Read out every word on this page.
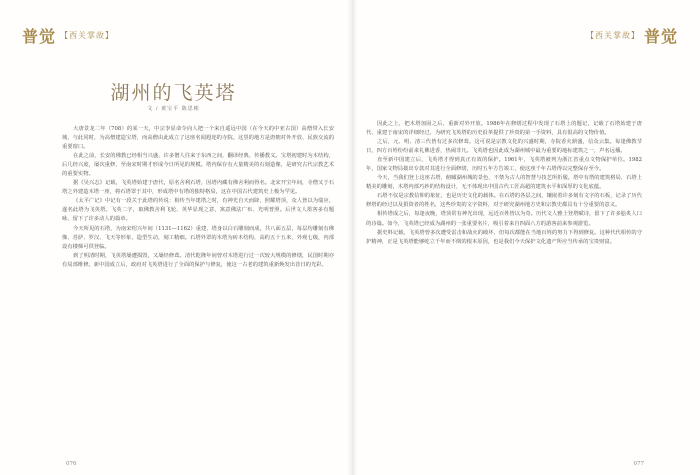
普觉 【西关掌故】	【西关掌故】 普觉
湖州的飞英塔
文 / 黄宝平 陈思彬

大唐景龙二年（708）的某一天，中宗李显命令向人把一个来自遥远中国（在今天的中亚古国）高僧带入长安城，与此同时，为高僧建造宝塔，而高僧由此成立了这座名闻遐迩的寺院。这里的地方是唐朝对外开放、民族交流的重要窗口。

在此之前，长安的佛教已经相当兴盛，许多僧人往来于东西之间，翻译经典、传播教义。宝塔初建时为木结构，后几经兴废，屡次重修，至南宋时期才形成今日所见的规模。塔内保存有大量精美的石刻造像，是研究古代宗教艺术的重要实物。

据《吴兴志》记载，飞英塔始建于唐代，原名舍利石塔，因塔内藏有佛舍利而得名。北宋开宝年间，寺僧又于石塔之外建造木塔一座，将石塔罩于其中，形成塔中有塔的独特格局，这在中国古代建筑史上极为罕见。

《太平广记》中记有一段关于此塔的传说：相传当年建塔之时，有神光自天而降，照耀塔顶，众人皆以为瑞应，遂名此塔为飞英塔。飞英二字，取佛教舍利飞轮、英华显现之意，寓意佛法广布、光明普照。后世文人墨客多有题咏，留下了许多动人的篇章。

今天所见的石塔，为南宋绍兴年间（1131—1162）重建，塔身以白石雕刻而成，共八面五层，每层均雕刻有佛像、菩萨、罗汉、飞天等形象，造型生动，刻工精细。石塔外罩的木塔为砖木结构，高约五十五米，外观七级，内部设有楼梯可供登临。

到了明清时期，飞英塔屡遭损毁，又屡经修葺。清代乾隆年间曾对木塔进行过一次较大规模的修缮，民国时期亦有局部维修。新中国成立后，政府对飞英塔进行了全面的保护与修复，使这一古老的建筑重新焕发出昔日的光彩。

因此之上，把木塔加固之后，重新对外开放。1986年在修缮过程中发现了石塔上的题记，记载了石塔始建于唐代、重建于南宋的详细经过，为研究飞英塔的历史沿革提供了珍贵的第一手资料，具有很高的文物价值。

之后，元、明、清三代皆有过多次修葺。这可说是宗教文化的兴盛时期，寺院香火鼎盛，信众云集。每逢佛教节日，四方百姓纷纷前来礼佛进香，热闹非凡。飞英塔也因此成为湖州城中最为重要的地标建筑之一，声名远播。

直至新中国建立后，飞英塔才得到真正有效的保护。1961年，飞英塔被列为浙江省重点文物保护单位。1982年，国家文物局拨出专款对其进行全面修缮，历时五年方告竣工，使这座千年古塔得以完整保存至今。

今天，当我们登上这座古塔，俯瞰湖州城的景色，不禁为古人的智慧与技艺所折服。塔中有塔的建筑格局，石塔上精美的雕刻，木塔内部巧妙的结构设计，无不体现出中国古代工匠高超的建筑水平和深厚的文化底蕴。

石塔不仅是宗教信仰的象征，也是历史文化的载体。在石塔的各层之间，镶嵌着许多刻有文字的石板，记录了历代修塔的经过以及捐资者的姓名，这些珍贵的文字资料，对于研究湖州地方史和宗教史都具有十分重要的意义。

相传塔成之后，每逢夜晚，塔顶常有神光出现，远近百姓皆以为奇。历代文人雅士登塔赋诗，留下了许多脍炙人口的诗篇。如今，飞英塔已经成为湖州的一张重要名片，吸引着来自四面八方的游客前来参观游览。

据史料记载，飞英塔曾多次遭受雷击和战火的破坏，但每次都能在当地百姓的努力下得到修复。这种代代相传的守护精神，正是飞英塔能够屹立千年而不倒的根本原因，也是我们今天保护文化遗产所应当传承的宝贵财富。

076	077
